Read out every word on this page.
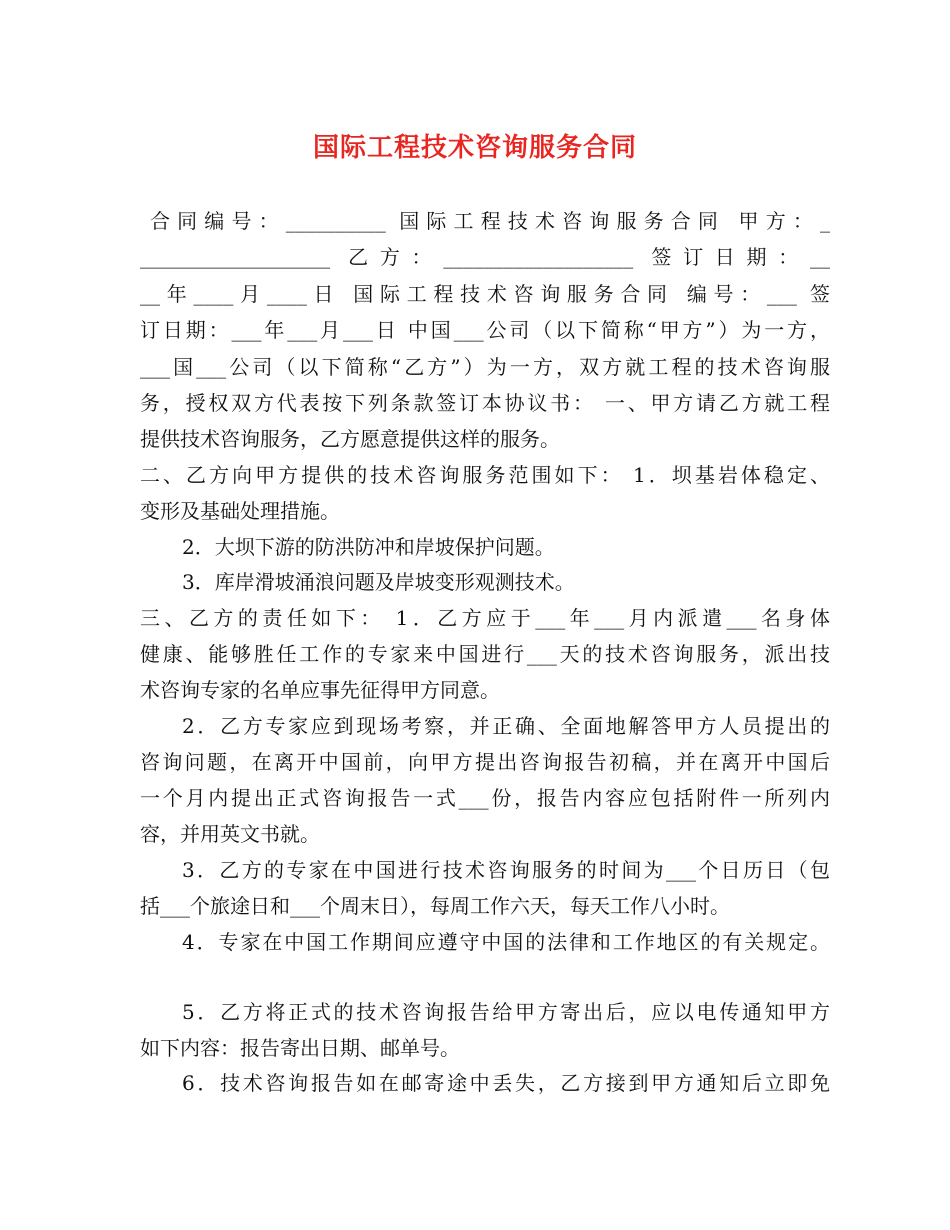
国际工程技术咨询服务合同
合同编号：__________ 国际工程技术咨询服务合同 甲方：_
___________________ 乙方：___________________ 签订日期：__
__年____月____日 国际工程技术咨询服务合同 编号：___ 签
订日期：___年___月___日 中国___公司（以下简称“甲方”）为一方，
___国___公司（以下简称“乙方”）为一方，双方就工程的技术咨询服
务，授权双方代表按下列条款签订本协议书： 一、甲方请乙方就工程
提供技术咨询服务，乙方愿意提供这样的服务。
二、乙方向甲方提供的技术咨询服务范围如下： 1．坝基岩体稳定、
变形及基础处理措施。
2．大坝下游的防洪防冲和岸坡保护问题。
3．库岸滑坡涌浪问题及岸坡变形观测技术。
三、乙方的责任如下： 1．乙方应于___年___月内派遣___名身体
健康、能够胜任工作的专家来中国进行___天的技术咨询服务，派出技
术咨询专家的名单应事先征得甲方同意。
2．乙方专家应到现场考察，并正确、全面地解答甲方人员提出的
咨询问题，在离开中国前，向甲方提出咨询报告初稿，并在离开中国后
一个月内提出正式咨询报告一式___份，报告内容应包括附件一所列内
容，并用英文书就。
3．乙方的专家在中国进行技术咨询服务的时间为___个日历日（包
括___个旅途日和___个周末日），每周工作六天，每天工作八小时。
4．专家在中国工作期间应遵守中国的法律和工作地区的有关规定。
5．乙方将正式的技术咨询报告给甲方寄出后，应以电传通知甲方
如下内容：报告寄出日期、邮单号。
6．技术咨询报告如在邮寄途中丢失，乙方接到甲方通知后立即免
